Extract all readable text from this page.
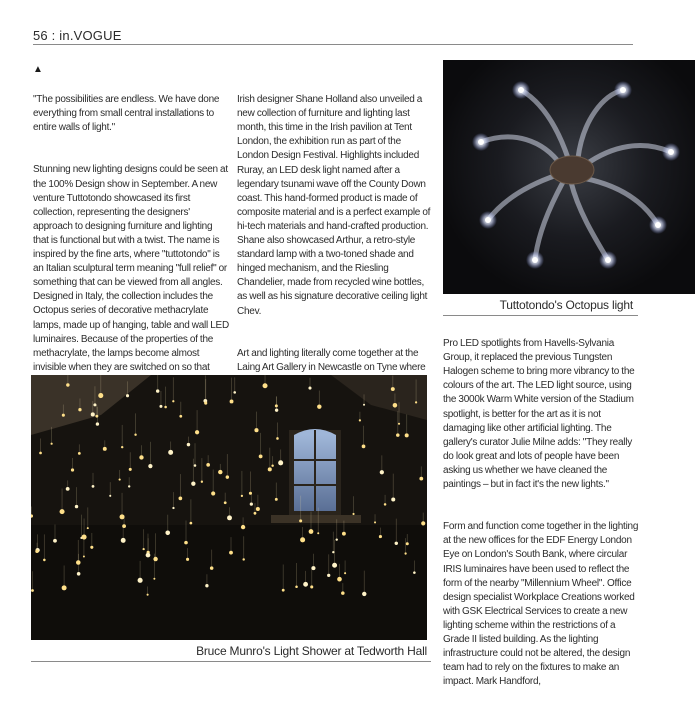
56 : in.VOGUE
▲

"The possibilities are endless. We have done everything from small central installations to entire walls of light."

Stunning new lighting designs could be seen at the 100% Design show in September. A new venture Tuttotondo showcased its first collection, representing the designers' approach to designing furniture and lighting that is functional but with a twist. The name is inspired by the fine arts, where "tuttotondo" is an Italian sculptural term meaning "full relief" or something that can be viewed from all angles. Designed in Italy, the collection includes the Octopus series of decorative methacrylate lamps, made up of hanging, table and wall LED luminaires. Because of the properties of the methacrylate, the lamps become almost invisible when they are switched on so that

Irish designer Shane Holland also unveiled a new collection of furniture and lighting last month, this time in the Irish pavilion at Tent London, the exhibition run as part of the London Design Festival. Highlights included Ruray, an LED desk light named after a legendary tsunami wave off the County Down coast. This hand-formed product is made of composite material and is a perfect example of hi-tech materials and hand-crafted production. Shane also showcased Arthur, a retro-style standard lamp with a two-toned shade and hinged mechanism, and the Riesling Chandelier, made from recycled wine bottles, as well as his signature decorative ceiling light Chev.

Art and lighting literally come together at the Laing Art Gallery in Newcastle on Tyne where

Tuttotondo's Octopus light

Pro LED spotlights from Havells-Sylvania Group, it replaced the previous Tungsten Halogen scheme to bring more vibrancy to the colours of the art. The LED light source, using the 3000k Warm White version of the Stadium spotlight, is better for the art as it is not damaging like other artificial lighting. The gallery's curator Julie Milne adds: "They really do look great and lots of people have been asking us whether we have cleaned the paintings – but in fact it's the new lights."

Form and function come together in the lighting at the new offices for the EDF Energy London Eye on London's South Bank, where circular IRIS luminaires have been used to reflect the form of the nearby "Millennium Wheel". Office design specialist Workplace Creations worked with GSK Electrical Services to create a new lighting scheme within the restrictions of a Grade II listed building. As the lighting infrastructure could not be altered, the design team had to rely on the fixtures to make an impact. Mark Handford,

Bruce Munro's Light Shower at Tedworth Hall
